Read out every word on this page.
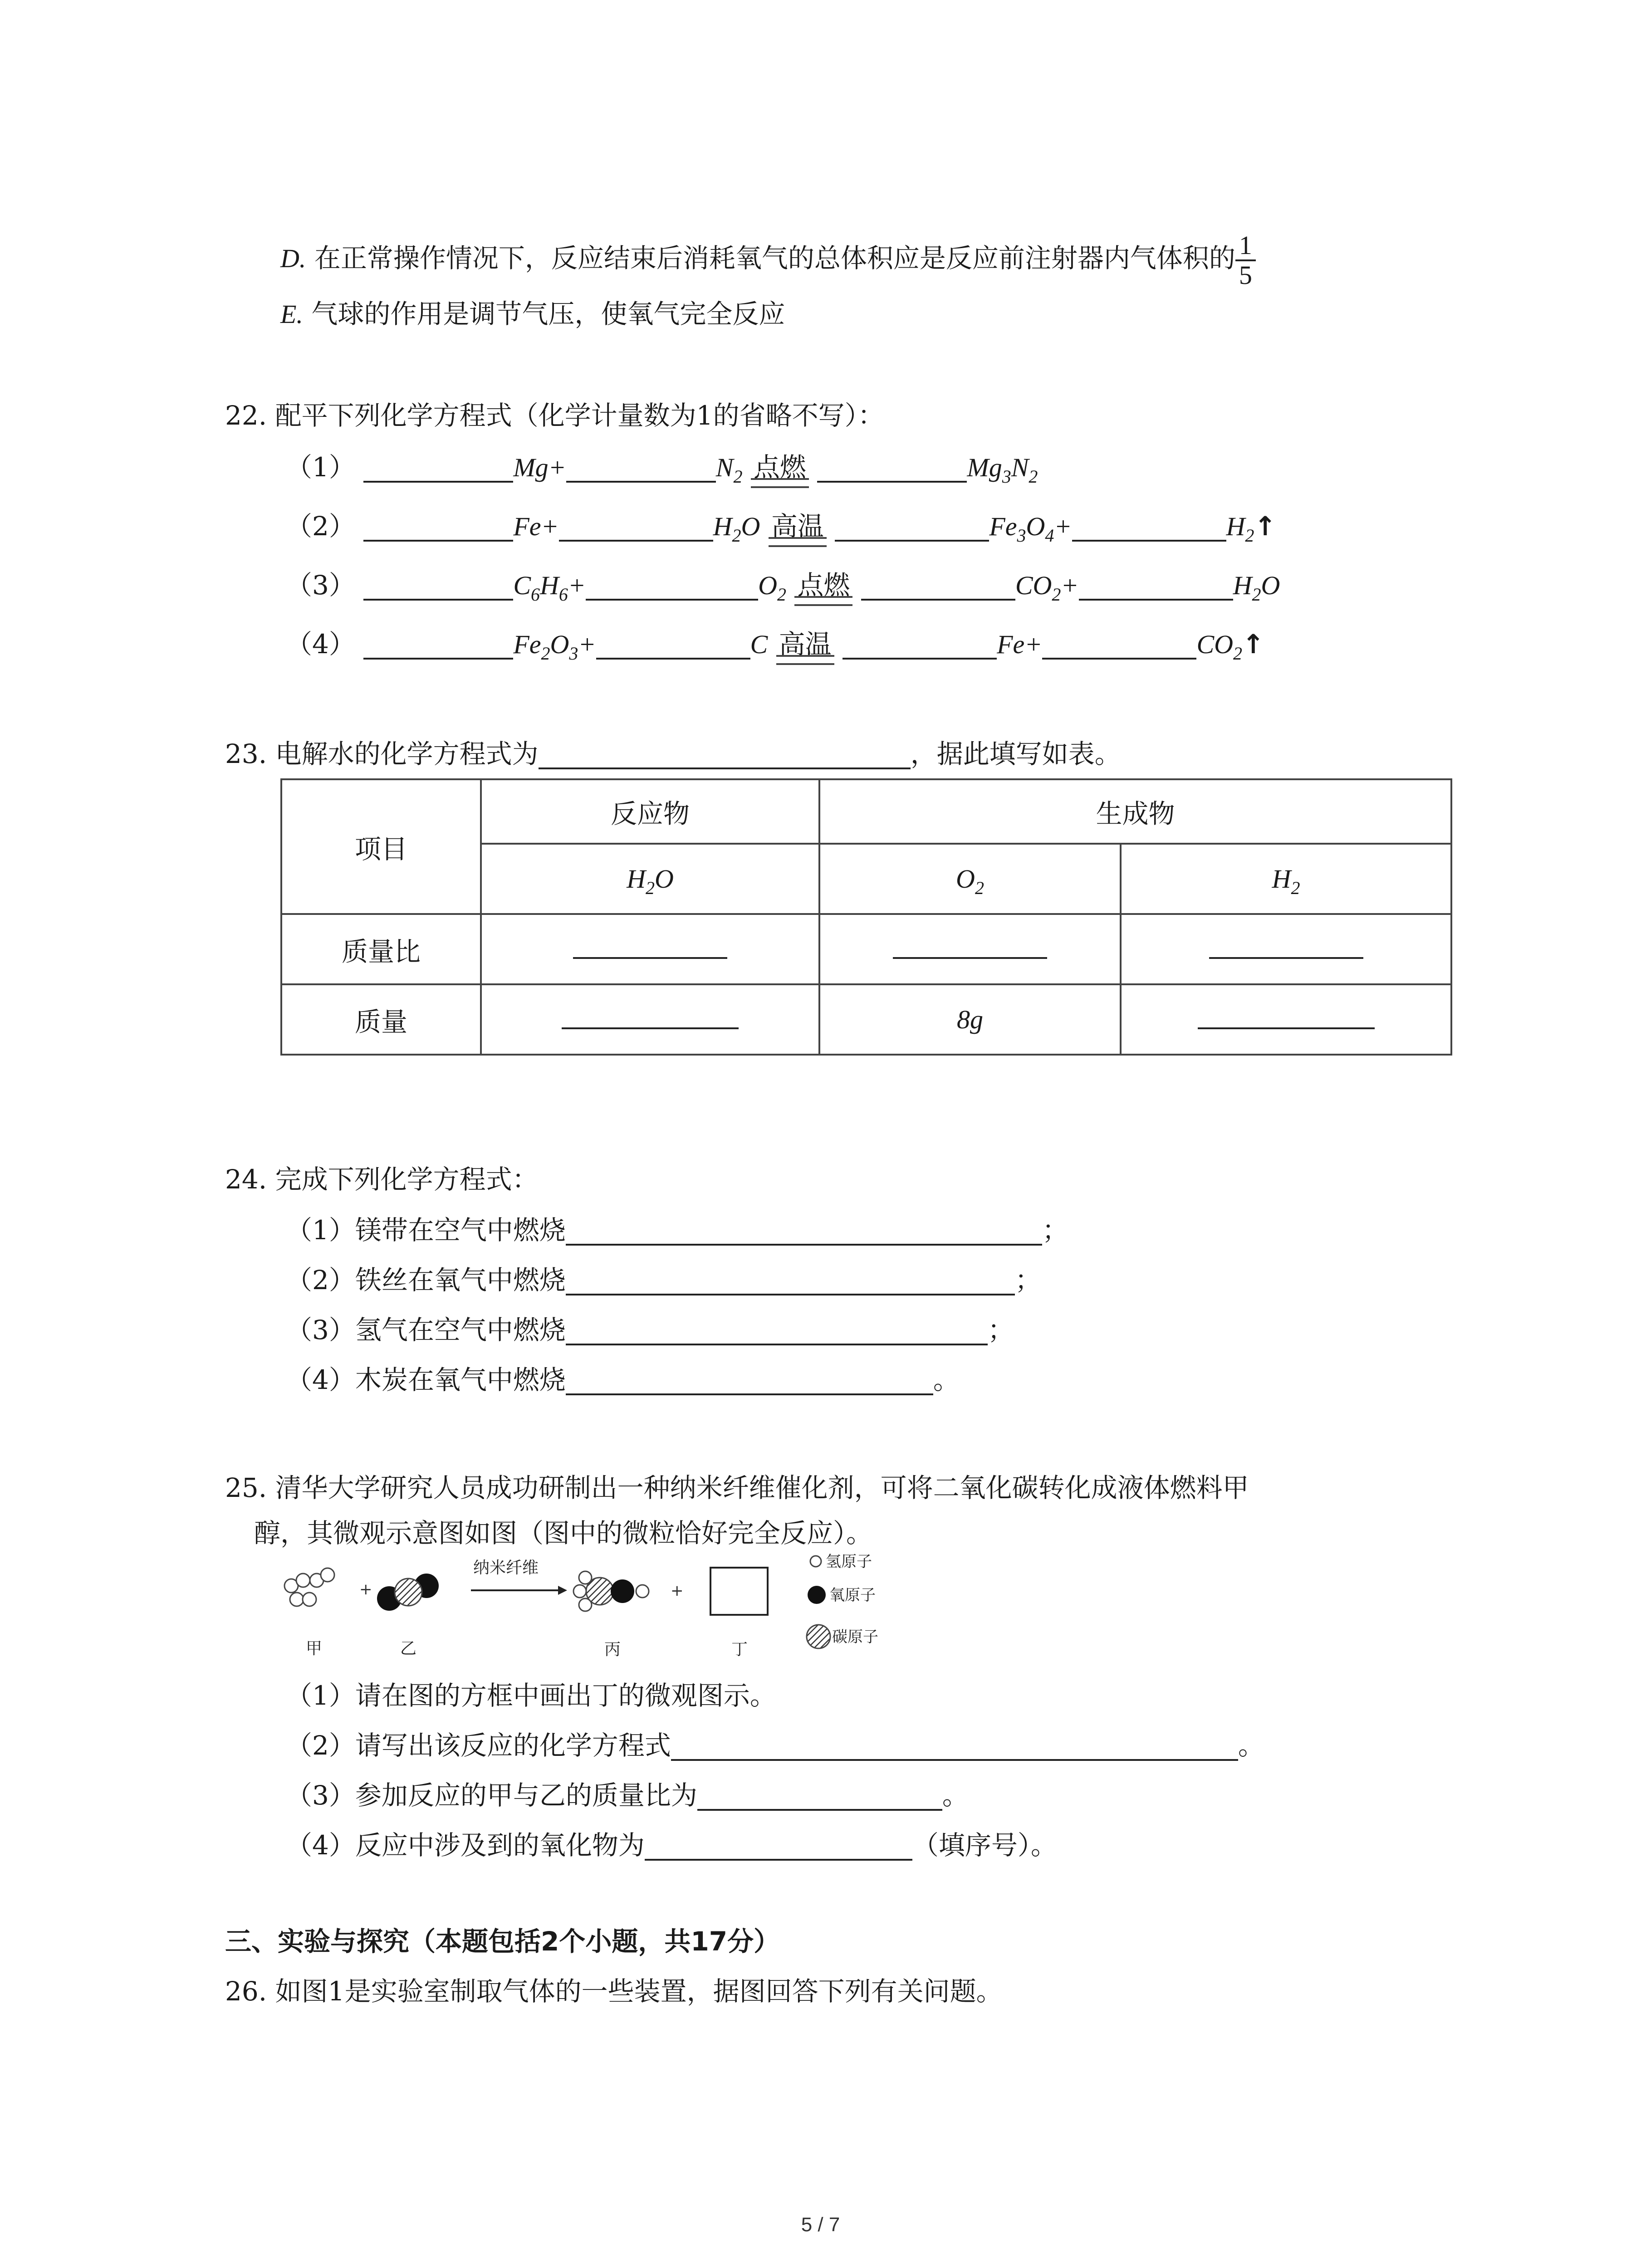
D. 在正常操作情况下，反应结束后消耗氧气的总体积应是反应前注射器内气体积的 $\frac{1}{5}$
E. 气球的作用是调节气压，使氧气完全反应
22. 配平下列化学方程式（化学计量数为1的省略不写）：
（1）	Mg+	$N_2$ 点燃	$Mg_3N_2$
（2）	Fe+	$H_2O$ 高温	$Fe_3O_4+$	$H_2↑$
（3）	$C_6H_6+$	$O_2$ 点燃	$CO_2+$	$H_2O$
（4）	$Fe_2O_3+$	C 高温	Fe+	$CO_2↑$
23. 电解水的化学方程式为	，据此填写如表。
项目	反应物	生成物	
	$H_2O$	$O_2$	$H_2$
质量比			
质量		8g	
24. 完成下列化学方程式：
（1）镁带在空气中燃烧	；
（2）铁丝在氧气中燃烧	；
（3）氢气在空气中燃烧	；
（4）木炭在氧气中燃烧	。
25. 清华大学研究人员成功研制出一种纳米纤维催化剂，可将二氧化碳转化成液体燃料甲
醇，其微观示意图如图（图中的微粒恰好完全反应）。
+
纳米纤维
+
氢原子
氧原子
碳原子
甲	乙	丙	丁
（1）请在图的方框中画出丁的微观图示。
（2）请写出该反应的化学方程式	。
（3）参加反应的甲与乙的质量比为	。
（4）反应中涉及到的氧化物为	（填序号）。
三、实验与探究（本题包括2个小题，共17分）
26. 如图1是实验室制取气体的一些装置，据图回答下列有关问题。
5 / 7
